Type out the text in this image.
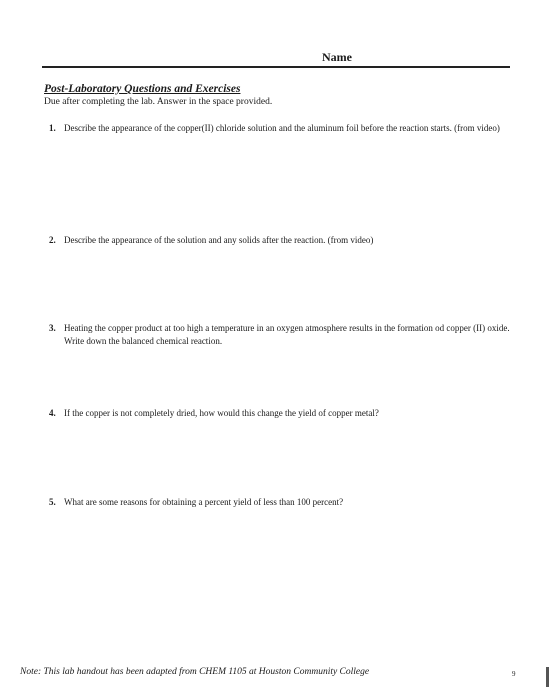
Name
Post-Laboratory Questions and Exercises
Due after completing the lab. Answer in the space provided.
1. Describe the appearance of the copper(II) chloride solution and the aluminum foil before the reaction starts. (from video)
2. Describe the appearance of the solution and any solids after the reaction. (from video)
3. Heating the copper product at too high a temperature in an oxygen atmosphere results in the formation od copper (II) oxide. Write down the balanced chemical reaction.
4. If the copper is not completely dried, how would this change the yield of copper metal?
5. What are some reasons for obtaining a percent yield of less than 100 percent?
Note: This lab handout has been adapted from CHEM 1105 at Houston Community College	9
